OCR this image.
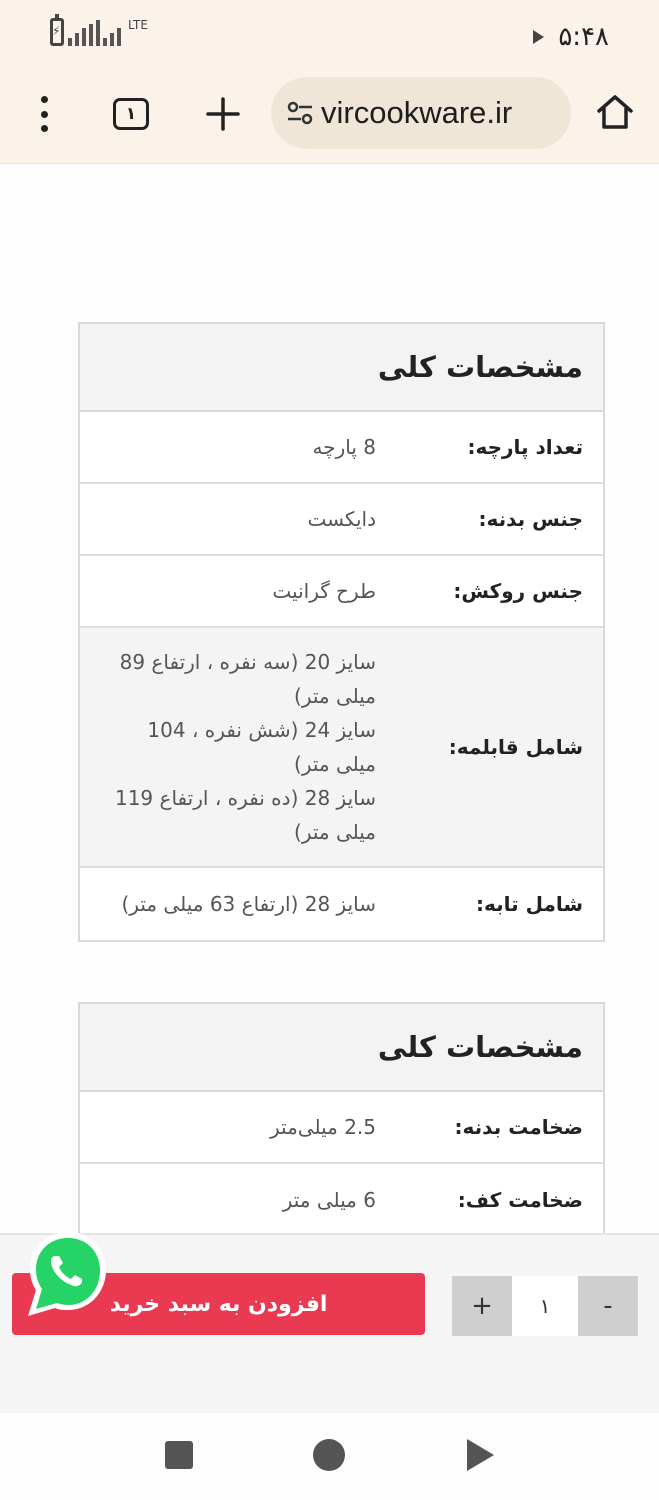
⚡
LTE	۵:۴۸
vircookware.ir
۱
مشخصات کلی
تعداد پارچه:
8 پارچه
جنس بدنه:
دایکست
جنس روکش:
طرح گرانیت
شامل قابلمه:
سایز 20 (سه نفره ، ارتفاع 89
میلی متر)
سایز 24 (شش نفره ، 104
میلی متر)
سایز 28 (ده نفره ، ارتفاع 119
میلی متر)
شامل تابه:
سایز 28 (ارتفاع 63 میلی متر)
مشخصات کلی
ضخامت بدنه:
2.5 میلی‌متر
ضخامت کف:
6 میلی متر
افزودن به سبد خرید	+	۱	-
